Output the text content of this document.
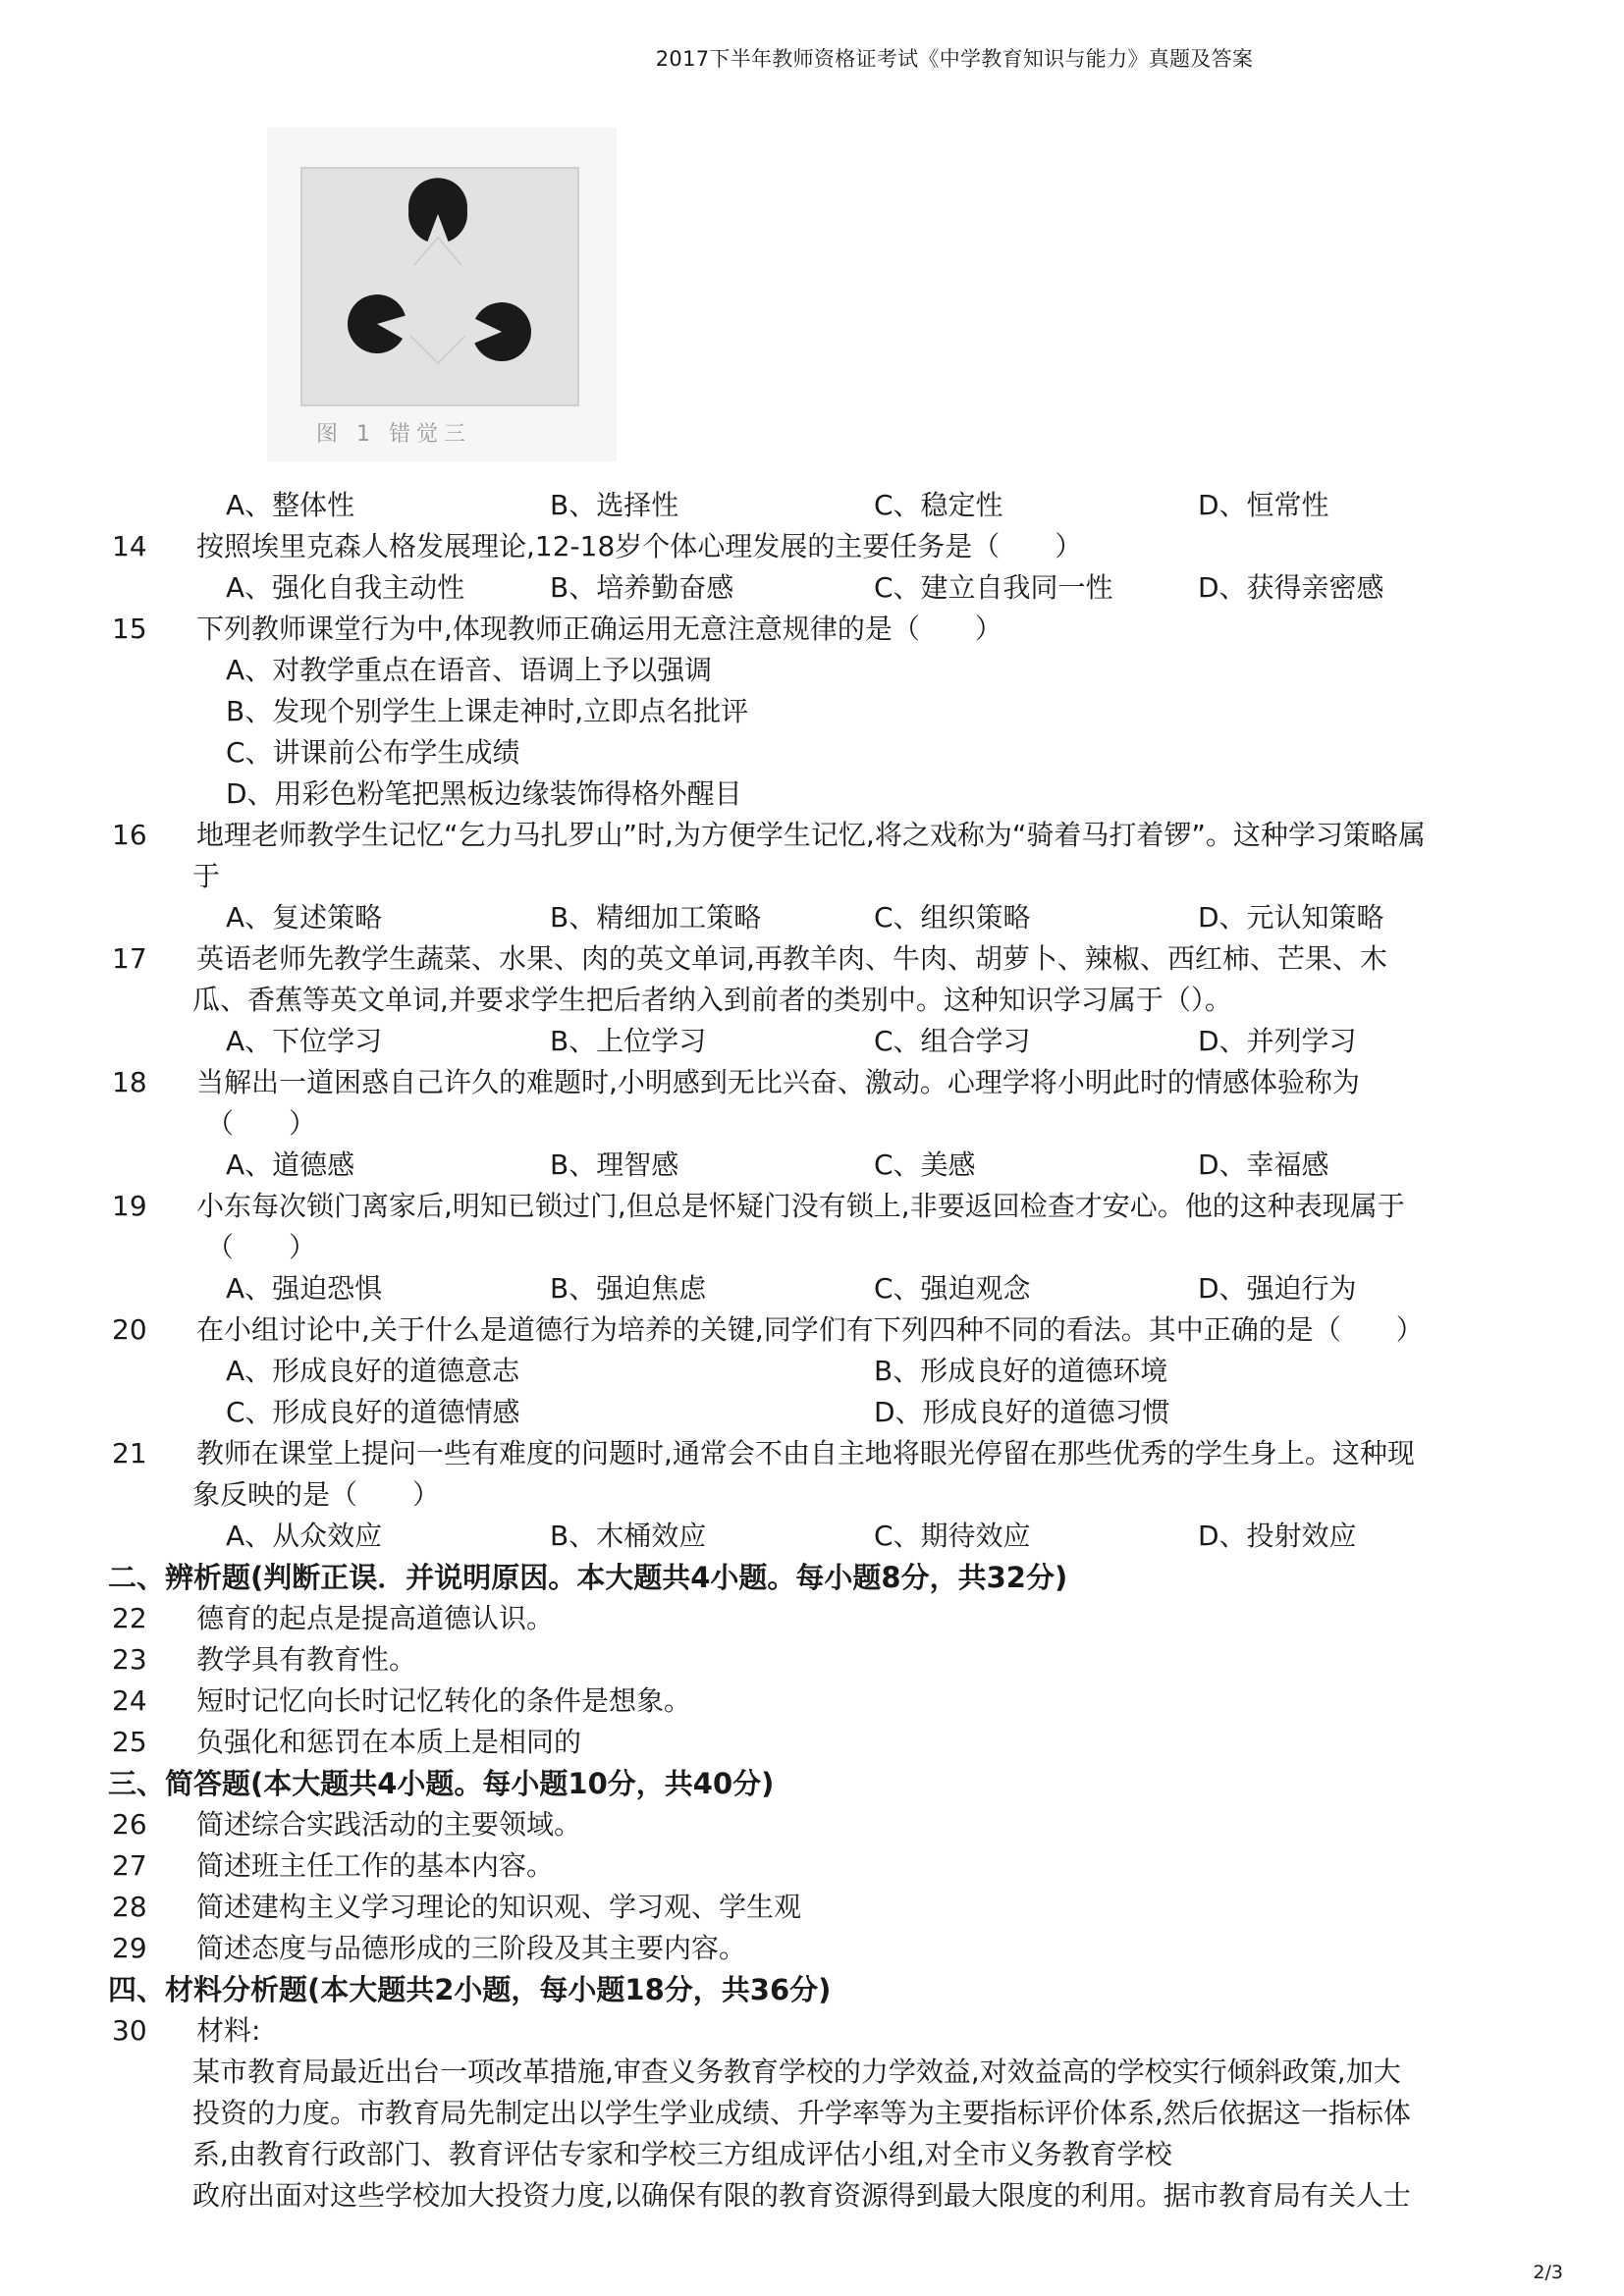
2017下半年教师资格证考试《中学教育知识与能力》真题及答案
图 1 错觉三
A、整体性	B、选择性	C、稳定性	D、恒常性
14	按照埃里克森人格发展理论,12-18岁个体心理发展的主要任务是（　　）
A、强化自我主动性	B、培养勤奋感	C、建立自我同一性	D、获得亲密感
15	下列教师课堂行为中,体现教师正确运用无意注意规律的是（　　）
A、对教学重点在语音、语调上予以强调
B、发现个别学生上课走神时,立即点名批评
C、讲课前公布学生成绩
D、用彩色粉笔把黑板边缘装饰得格外醒目
16	地理老师教学生记忆“乞力马扎罗山”时,为方便学生记忆,将之戏称为“骑着马打着锣”。这种学习策略属
于
A、复述策略	B、精细加工策略	C、组织策略	D、元认知策略
17	英语老师先教学生蔬菜、水果、肉的英文单词,再教羊肉、牛肉、胡萝卜、辣椒、西红柿、芒果、木
瓜、香蕉等英文单词,并要求学生把后者纳入到前者的类别中。这种知识学习属于（）。
A、下位学习	B、上位学习	C、组合学习	D、并列学习
18	当解出一道困惑自己许久的难题时,小明感到无比兴奋、激动。心理学将小明此时的情感体验称为
（　　）
A、道德感	B、理智感	C、美感	D、幸福感
19	小东每次锁门离家后,明知已锁过门,但总是怀疑门没有锁上,非要返回检查才安心。他的这种表现属于
（　　）
A、强迫恐惧	B、强迫焦虑	C、强迫观念	D、强迫行为
20	在小组讨论中,关于什么是道德行为培养的关键,同学们有下列四种不同的看法。其中正确的是（　　）
A、形成良好的道德意志	B、形成良好的道德环境
C、形成良好的道德情感	D、形成良好的道德习惯
21	教师在课堂上提问一些有难度的问题时,通常会不由自主地将眼光停留在那些优秀的学生身上。这种现
象反映的是（　　）
A、从众效应	B、木桶效应	C、期待效应	D、投射效应
二、辨析题(判断正误．并说明原因。本大题共4小题。每小题8分，共32分)
22	德育的起点是提高道德认识。
23	教学具有教育性。
24	短时记忆向长时记忆转化的条件是想象。
25	负强化和惩罚在本质上是相同的
三、简答题(本大题共4小题。每小题10分，共40分)
26	简述综合实践活动的主要领域。
27	简述班主任工作的基本内容。
28	简述建构主义学习理论的知识观、学习观、学生观
29	简述态度与品德形成的三阶段及其主要内容。
四、材料分析题(本大题共2小题，每小题18分，共36分)
30	材料:
某市教育局最近出台一项改革措施,审查义务教育学校的力学效益,对效益高的学校实行倾斜政策,加大
投资的力度。市教育局先制定出以学生学业成绩、升学率等为主要指标评价体系,然后依据这一指标体
系,由教育行政部门、教育评估专家和学校三方组成评估小组,对全市义务教育学校
政府出面对这些学校加大投资力度,以确保有限的教育资源得到最大限度的利用。据市教育局有关人士
2/3
